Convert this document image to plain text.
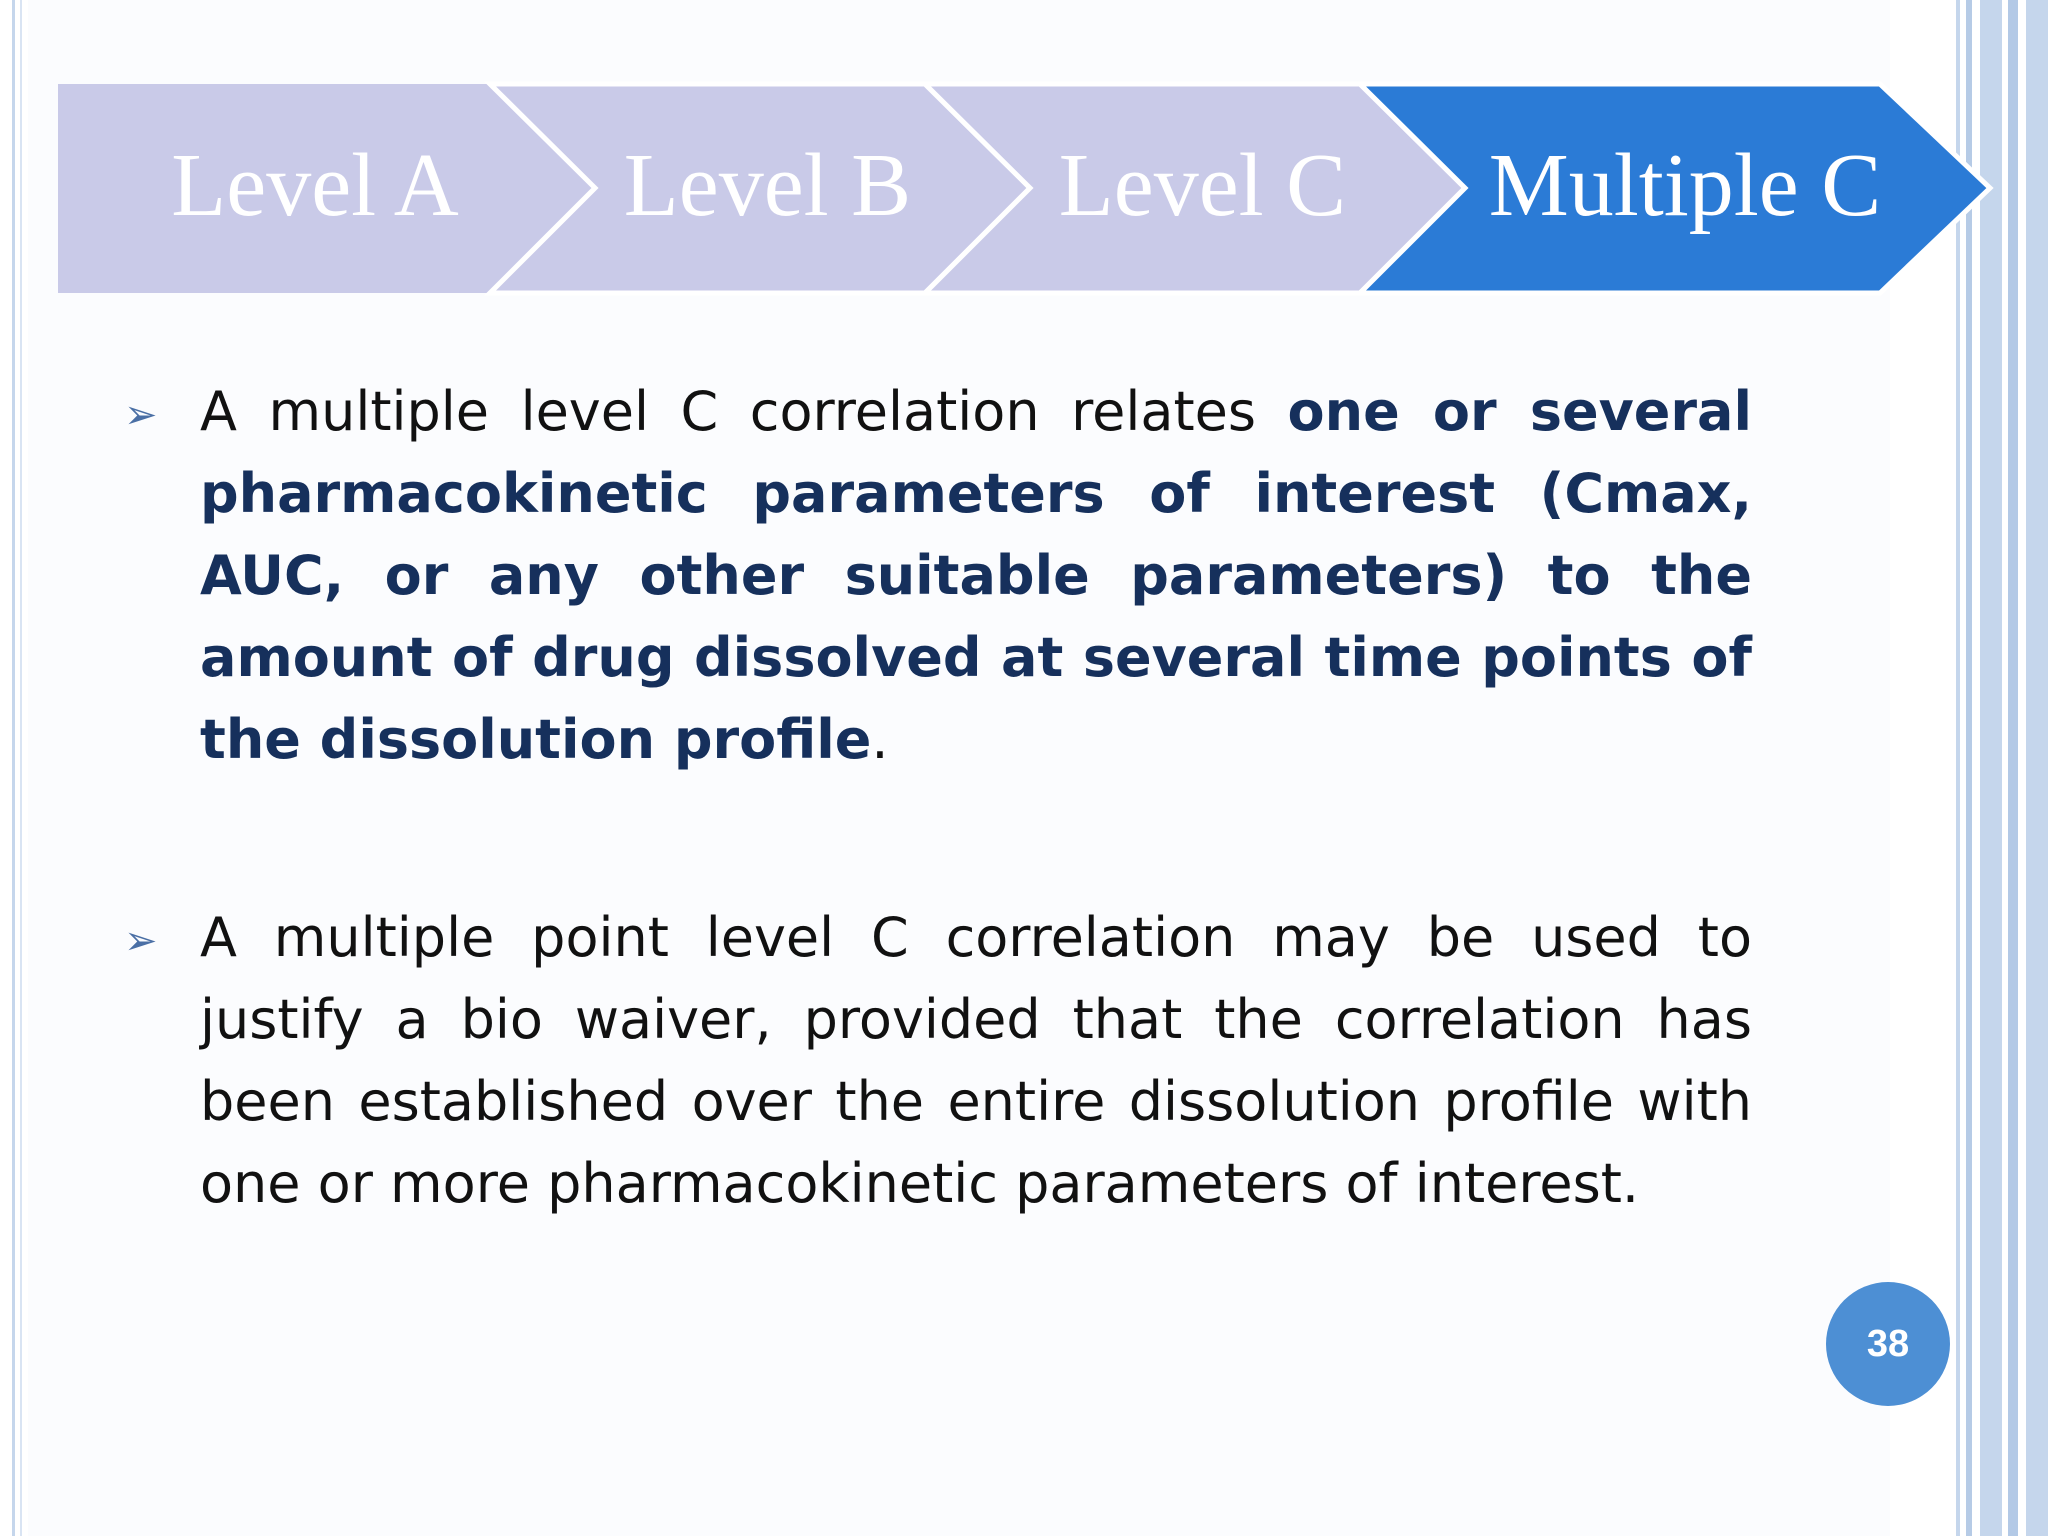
Level A	Level B	Level C	Multiple C
➢ A multiple level C correlation relates one or several pharmacokinetic parameters of interest (Cmax, AUC, or any other suitable parameters) to the amount of drug dissolved at several time points of the dissolution profile.
➢ A multiple point level C correlation may be used to justify a bio waiver, provided that the correlation has been established over the entire dissolution profile with one or more pharmacokinetic parameters of interest.
38
